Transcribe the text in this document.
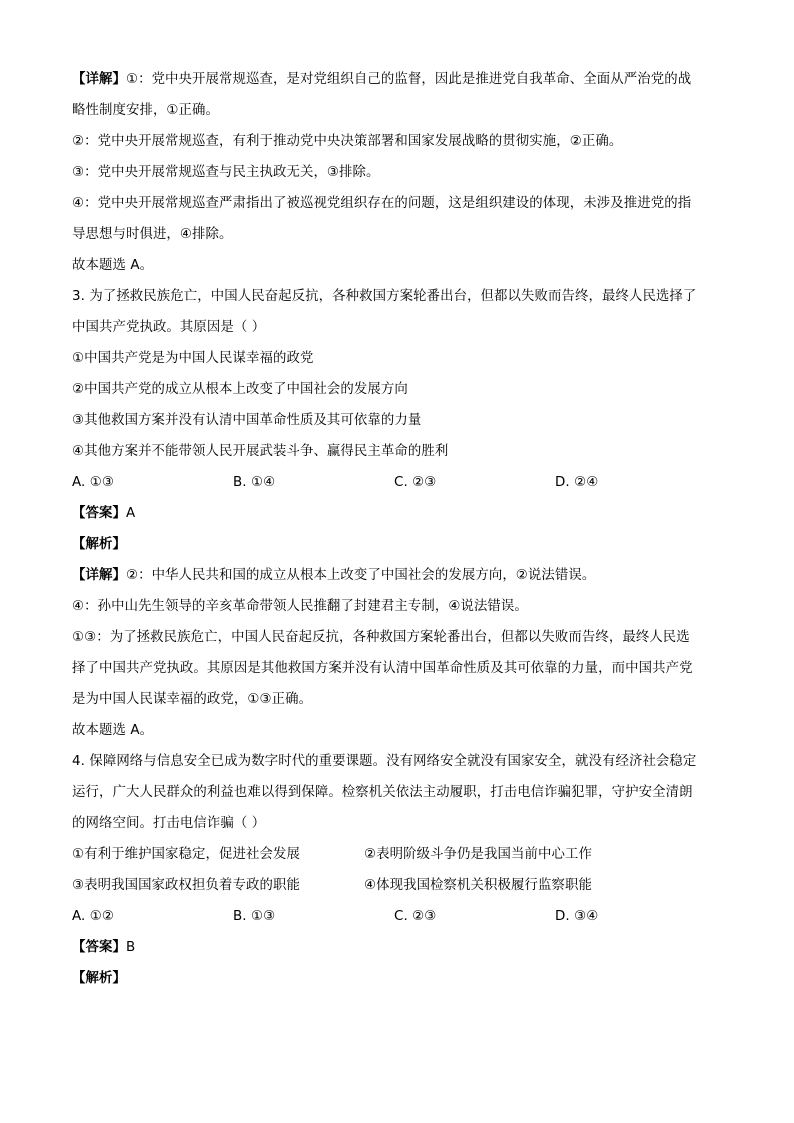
【详解】①：党中央开展常规巡查，是对党组织自己的监督，因此是推进党自我革命、全面从严治党的战
略性制度安排，①正确。
②：党中央开展常规巡查，有利于推动党中央决策部署和国家发展战略的贯彻实施，②正确。
③：党中央开展常规巡查与民主执政无关，③排除。
④：党中央开展常规巡查严肃指出了被巡视党组织存在的问题，这是组织建设的体现，未涉及推进党的指
导思想与时俱进，④排除。
故本题选 A。
3. 为了拯救民族危亡，中国人民奋起反抗，各种救国方案轮番出台，但都以失败而告终，最终人民选择了
中国共产党执政。其原因是（ ）
①中国共产党是为中国人民谋幸福的政党
②中国共产党的成立从根本上改变了中国社会的发展方向
③其他救国方案并没有认清中国革命性质及其可依靠的力量
④其他方案并不能带领人民开展武装斗争、赢得民主革命的胜利
A. ①③	B. ①④	C. ②③	D. ②④
【答案】A
【解析】
【详解】②：中华人民共和国的成立从根本上改变了中国社会的发展方向，②说法错误。
④：孙中山先生领导的辛亥革命带领人民推翻了封建君主专制，④说法错误。
①③：为了拯救民族危亡，中国人民奋起反抗，各种救国方案轮番出台，但都以失败而告终，最终人民选
择了中国共产党执政。其原因是其他救国方案并没有认清中国革命性质及其可依靠的力量，而中国共产党
是为中国人民谋幸福的政党，①③正确。
故本题选 A。
4. 保障网络与信息安全已成为数字时代的重要课题。没有网络安全就没有国家安全，就没有经济社会稳定
运行，广大人民群众的利益也难以得到保障。检察机关依法主动履职，打击电信诈骗犯罪，守护安全清朗
的网络空间。打击电信诈骗（ ）
①有利于维护国家稳定，促进社会发展	②表明阶级斗争仍是我国当前中心工作
③表明我国国家政权担负着专政的职能	④体现我国检察机关积极履行监察职能
A. ①②	B. ①③	C. ②③	D. ③④
【答案】B
【解析】
